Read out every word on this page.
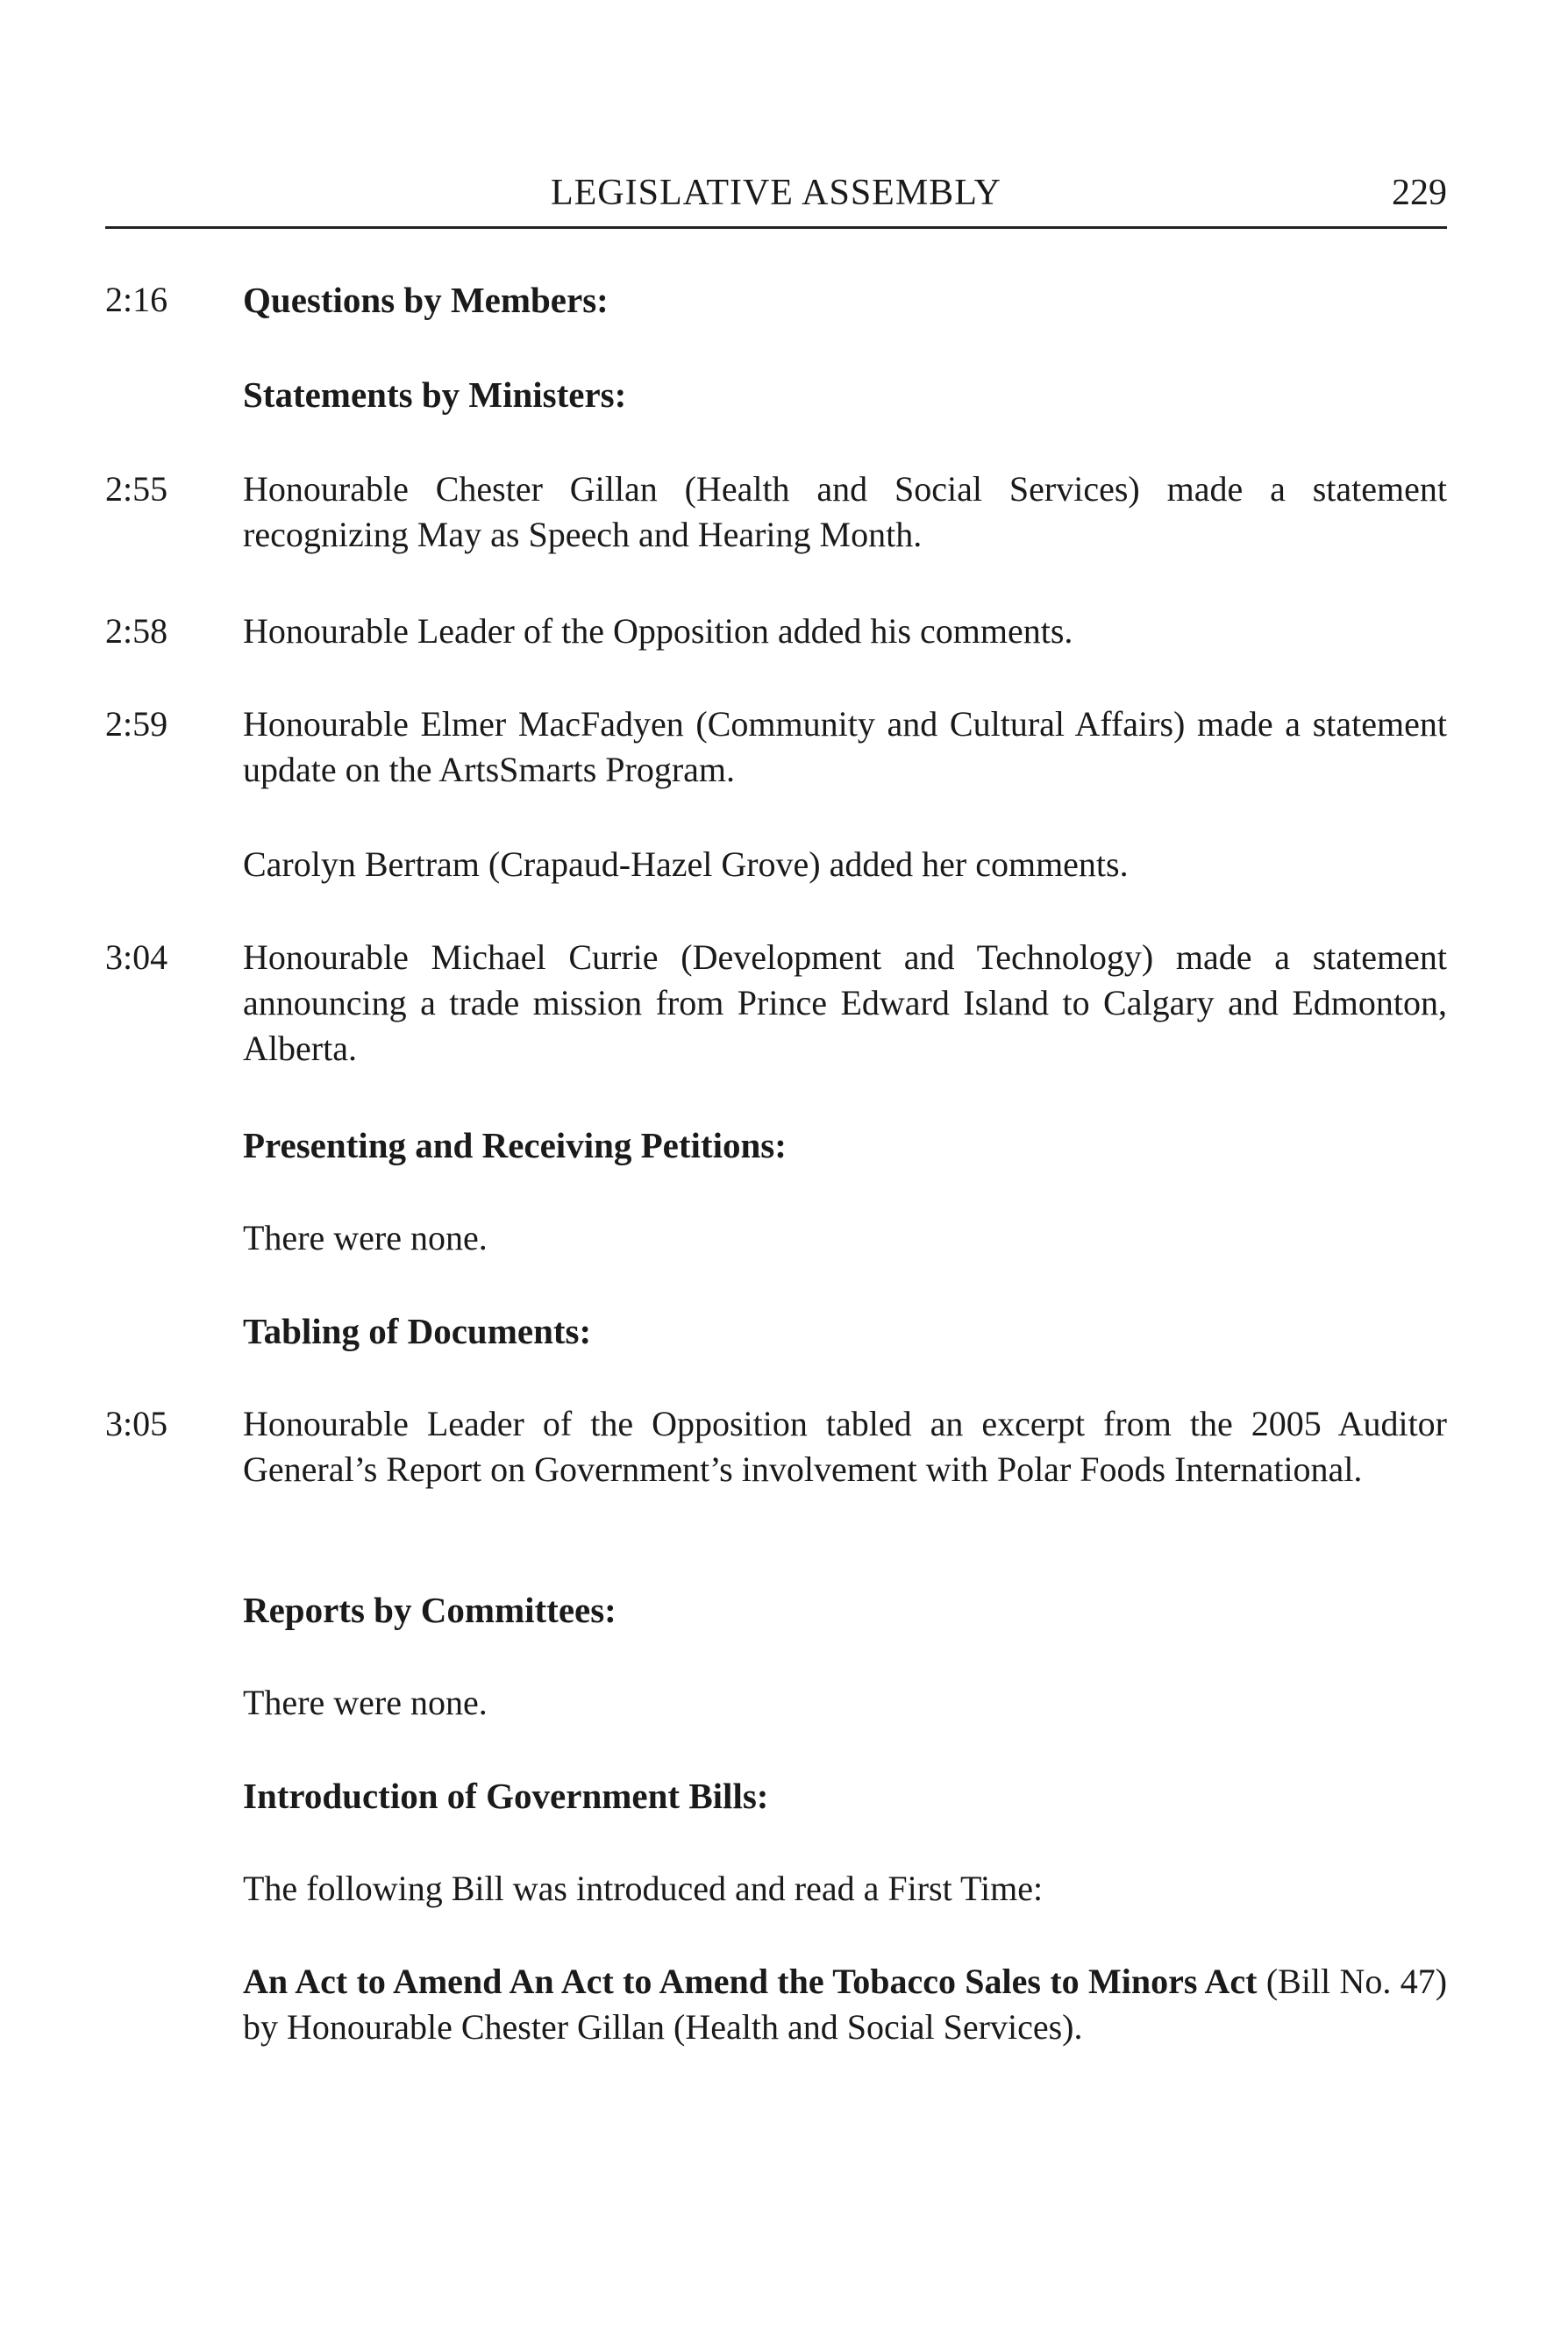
LEGISLATIVE ASSEMBLY	229
2:16 Questions by Members:
Statements by Ministers:
2:55 Honourable Chester Gillan (Health and Social Services) made a statement recognizing May as Speech and Hearing Month.
2:58 Honourable Leader of the Opposition added his comments.
2:59 Honourable Elmer MacFadyen (Community and Cultural Affairs) made a statement update on the ArtsSmarts Program.
Carolyn Bertram (Crapaud-Hazel Grove) added her comments.
3:04 Honourable Michael Currie (Development and Technology) made a statement announcing a trade mission from Prince Edward Island to Calgary and Edmonton, Alberta.
Presenting and Receiving Petitions:
There were none.
Tabling of Documents:
3:05 Honourable Leader of the Opposition tabled an excerpt from the 2005 Auditor General’s Report on Government’s involvement with Polar Foods International.
Reports by Committees:
There were none.
Introduction of Government Bills:
The following Bill was introduced and read a First Time:
An Act to Amend An Act to Amend the Tobacco Sales to Minors Act (Bill No. 47) by Honourable Chester Gillan (Health and Social Services).
